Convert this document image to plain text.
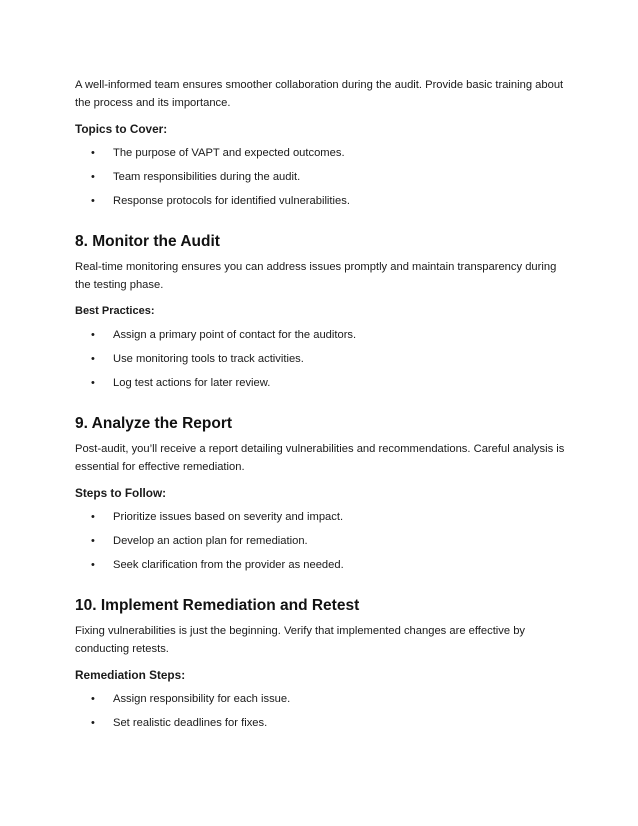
A well-informed team ensures smoother collaboration during the audit. Provide basic training about the process and its importance.

Topics to Cover:
• The purpose of VAPT and expected outcomes.
• Team responsibilities during the audit.
• Response protocols for identified vulnerabilities.
8. Monitor the Audit

Real-time monitoring ensures you can address issues promptly and maintain transparency during the testing phase.

Best Practices:
• Assign a primary point of contact for the auditors.
• Use monitoring tools to track activities.
• Log test actions for later review.
9. Analyze the Report

Post-audit, you’ll receive a report detailing vulnerabilities and recommendations. Careful analysis is essential for effective remediation.

Steps to Follow:
• Prioritize issues based on severity and impact.
• Develop an action plan for remediation.
• Seek clarification from the provider as needed.
10. Implement Remediation and Retest

Fixing vulnerabilities is just the beginning. Verify that implemented changes are effective by conducting retests.

Remediation Steps:
• Assign responsibility for each issue.
• Set realistic deadlines for fixes.
